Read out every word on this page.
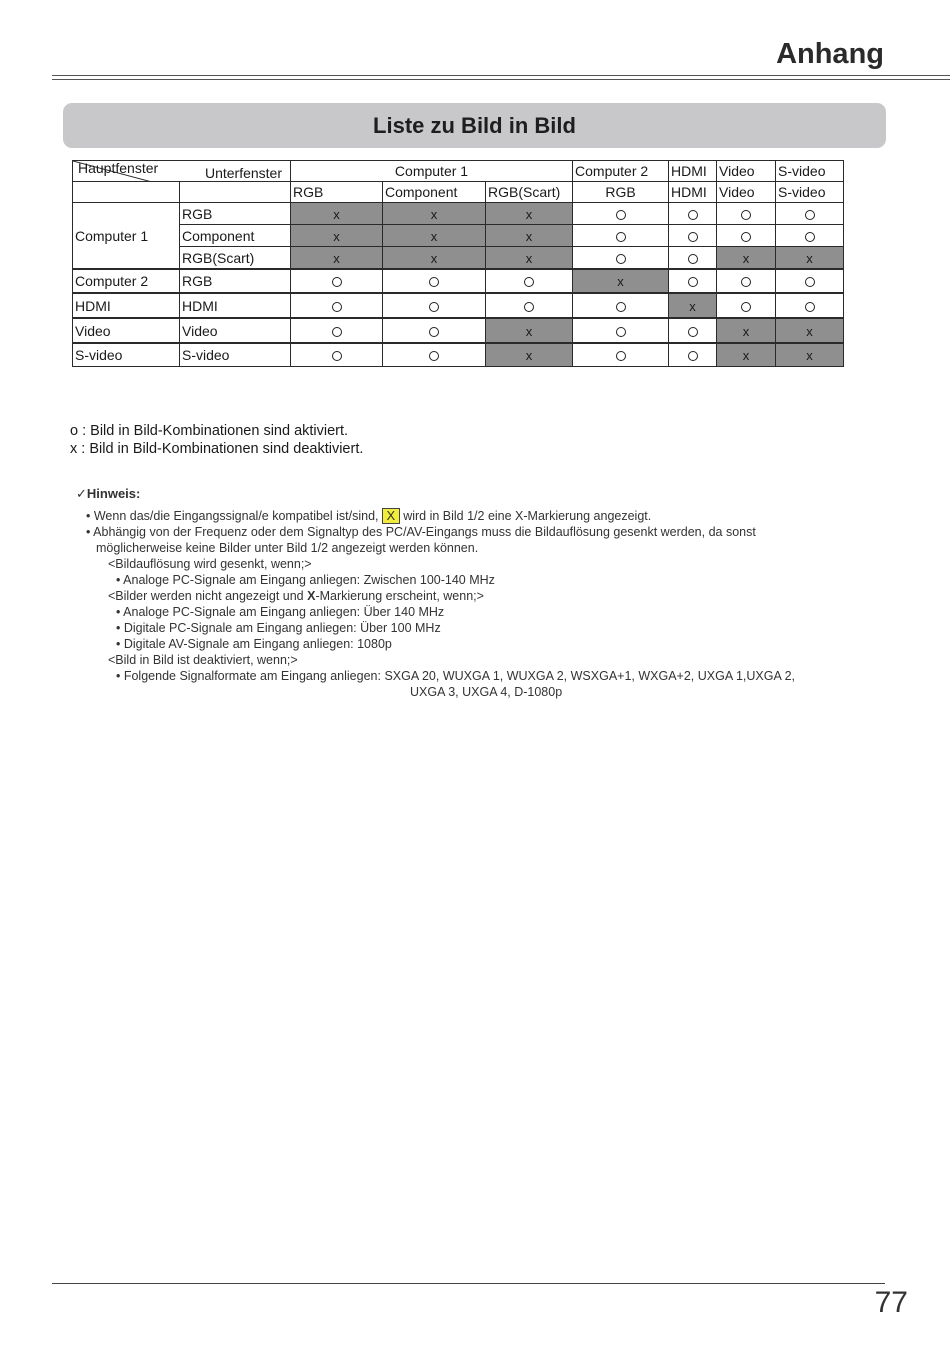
Anhang
Liste zu Bild in Bild
Unterfenster
Hauptfenster		Computer 1			Computer 2	HDMI	Video	S-video
		RGB	Component	RGB(Scart)	RGB	HDMI	Video	S-video
Computer 1	RGB	x	x	x				
	Component	x	x	x				
	RGB(Scart)	x	x	x			x	x
Computer 2	RGB				x			
HDMI	HDMI					x		
Video	Video			x			x	x
S-video	S-video			x			x	x
o : Bild in Bild-Kombinationen sind aktiviert.
x : Bild in Bild-Kombinationen sind deaktiviert.
✓Hinweis:
• Wenn das/die Eingangssignal/e kompatibel ist/sind, X wird in Bild 1/2 eine X-Markierung angezeigt.
• Abhängig von der Frequenz oder dem Signaltyp des PC/AV-Eingangs muss die Bildauflösung gesenkt werden, da sonst
möglicherweise keine Bilder unter Bild 1/2 angezeigt werden können.
<Bildauflösung wird gesenkt, wenn;>
• Analoge PC-Signale am Eingang anliegen: Zwischen 100-140 MHz
<Bilder werden nicht angezeigt und X-Markierung erscheint, wenn;>
• Analoge PC-Signale am Eingang anliegen: Über 140 MHz
• Digitale PC-Signale am Eingang anliegen: Über 100 MHz
• Digitale AV-Signale am Eingang anliegen: 1080p
<Bild in Bild ist deaktiviert, wenn;>
• Folgende Signalformate am Eingang anliegen: SXGA 20, WUXGA 1, WUXGA 2, WSXGA+1, WXGA+2, UXGA 1,UXGA 2,
UXGA 3, UXGA 4, D-1080p
77
